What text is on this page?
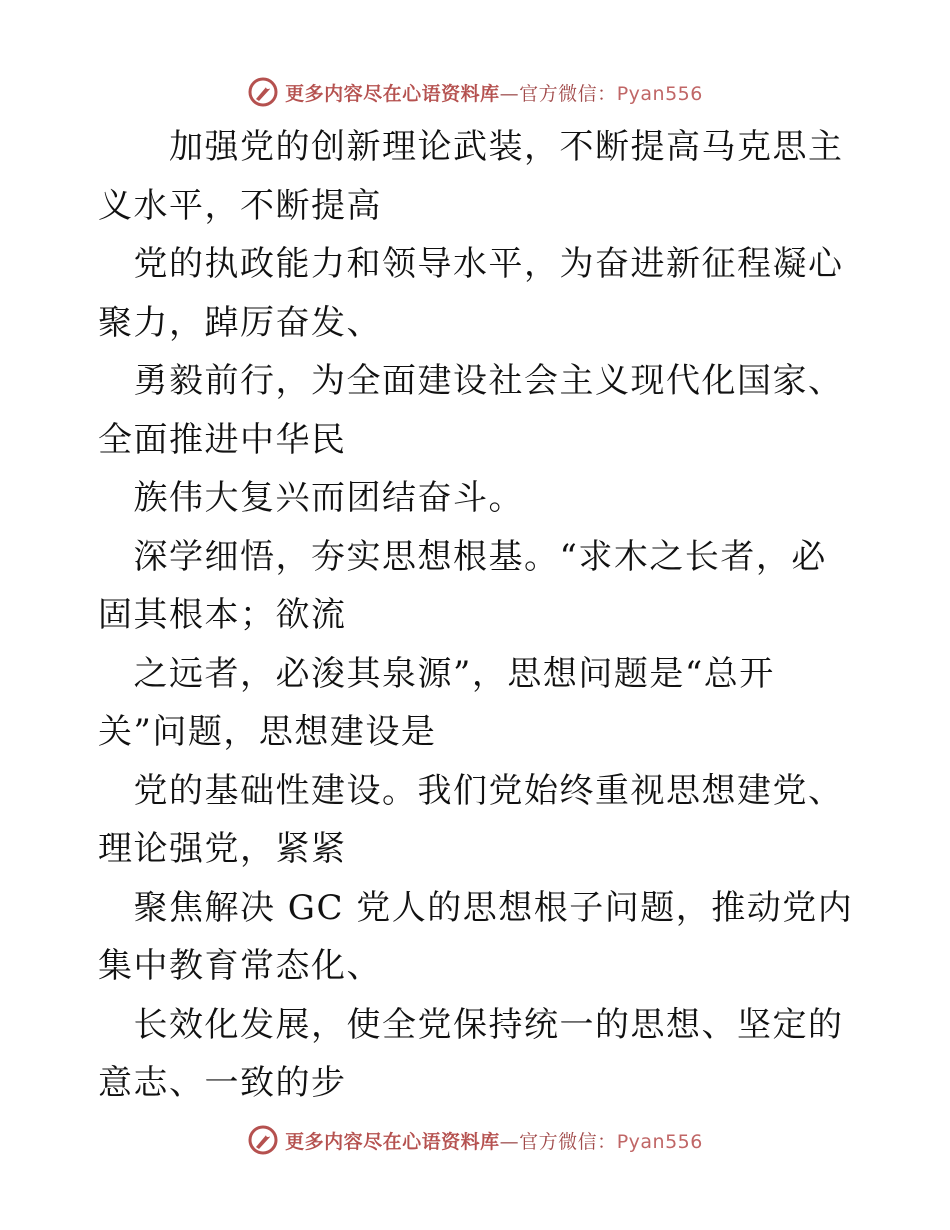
更多内容尽在心语资料库—官方微信：Pyan556

　　加强党的创新理论武装，不断提高马克思主义水平，不断提高

　党的执政能力和领导水平，为奋进新征程凝心聚力，踔厉奋发、

　勇毅前行，为全面建设社会主义现代化国家、全面推进中华民

　族伟大复兴而团结奋斗。

　深学细悟，夯实思想根基。“求木之长者，必固其根本；欲流

　之远者，必浚其泉源”，思想问题是“总开关”问题，思想建设是

　党的基础性建设。我们党始终重视思想建党、理论强党，紧紧

　聚焦解决 GC 党人的思想根子问题，推动党内集中教育常态化、

　长效化发展，使全党保持统一的思想、坚定的意志、一致的步

更多内容尽在心语资料库—官方微信：Pyan556
